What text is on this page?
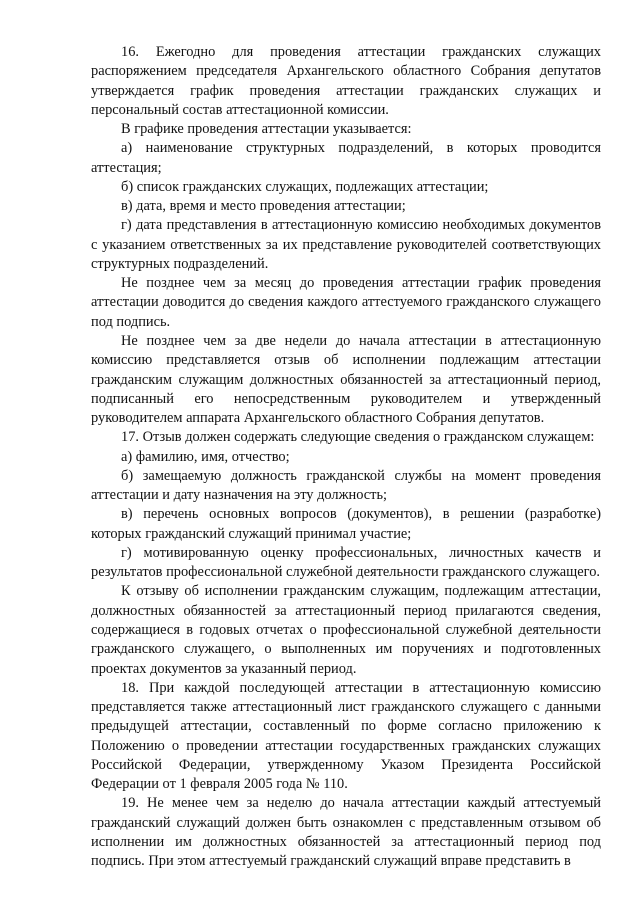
16. Ежегодно для проведения аттестации гражданских служащих распоряжением председателя Архангельского областного Собрания депутатов утверждается график проведения аттестации гражданских служащих и персональный состав аттестационной комиссии.

В графике проведения аттестации указывается:

а) наименование структурных подразделений, в которых проводится аттестация;

б) список гражданских служащих, подлежащих аттестации;

в) дата, время и место проведения аттестации;

г) дата представления в аттестационную комиссию необходимых документов с указанием ответственных за их представление руководителей соответствующих структурных подразделений.

Не позднее чем за месяц до проведения аттестации график проведения аттестации доводится до сведения каждого аттестуемого гражданского служащего под подпись.

Не позднее чем за две недели до начала аттестации в аттестационную комиссию представляется отзыв об исполнении подлежащим аттестации гражданским служащим должностных обязанностей за аттестационный период, подписанный его непосредственным руководителем и утвержденный руководителем аппарата Архангельского областного Собрания депутатов.

17. Отзыв должен содержать следующие сведения о гражданском служащем:

а) фамилию, имя, отчество;

б) замещаемую должность гражданской службы на момент проведения аттестации и дату назначения на эту должность;

в) перечень основных вопросов (документов), в решении (разработке) которых гражданский служащий принимал участие;

г) мотивированную оценку профессиональных, личностных качеств и результатов профессиональной служебной деятельности гражданского служащего.

К отзыву об исполнении гражданским служащим, подлежащим аттестации, должностных обязанностей за аттестационный период прилагаются сведения, содержащиеся в годовых отчетах о профессиональной служебной деятельности гражданского служащего, о выполненных им поручениях и подготовленных проектах документов за указанный период.

18. При каждой последующей аттестации в аттестационную комиссию представляется также аттестационный лист гражданского служащего с данными предыдущей аттестации, составленный по форме согласно приложению к Положению о проведении аттестации государственных гражданских служащих Российской Федерации, утвержденному Указом Президента Российской Федерации от 1 февраля 2005 года № 110.

19. Не менее чем за неделю до начала аттестации каждый аттестуемый гражданский служащий должен быть ознакомлен с представленным отзывом об исполнении им должностных обязанностей за аттестационный период под подпись. При этом аттестуемый гражданский служащий вправе представить в
